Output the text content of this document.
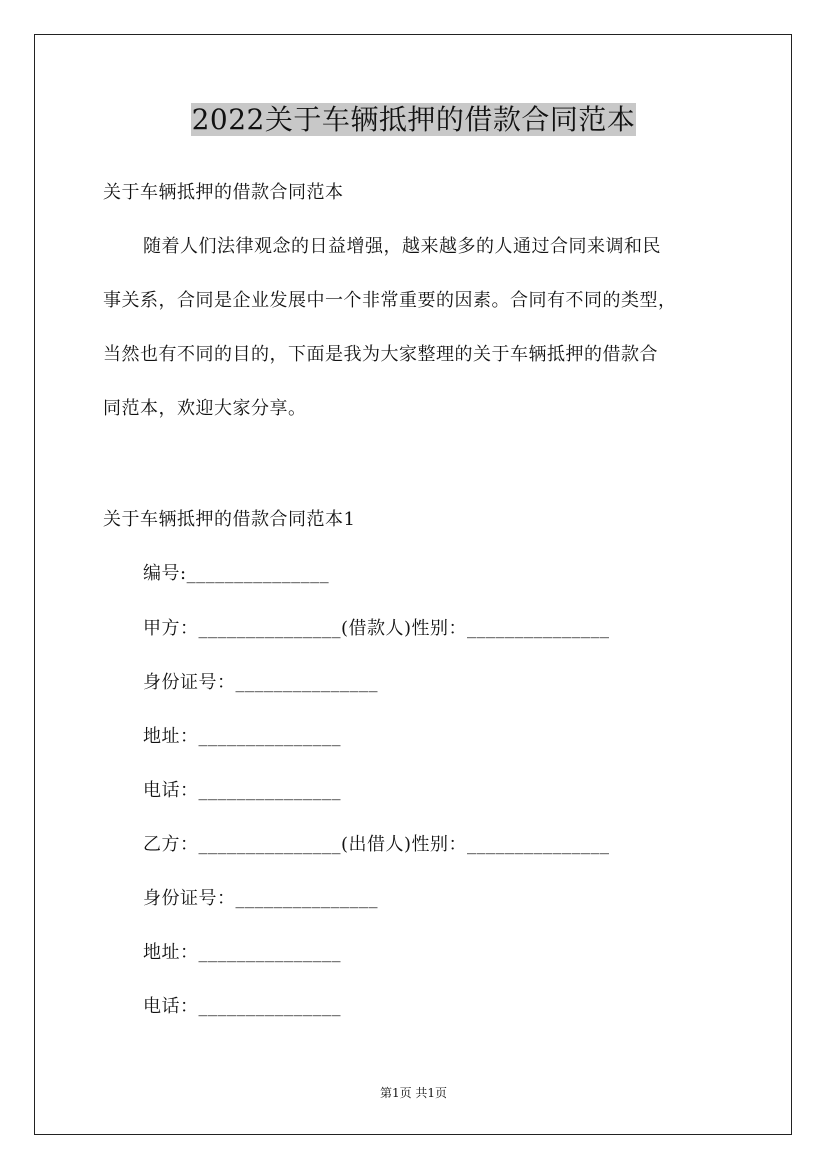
2022关于车辆抵押的借款合同范本
关于车辆抵押的借款合同范本
随着人们法律观念的日益增强，越来越多的人通过合同来调和民
事关系，合同是企业发展中一个非常重要的因素。合同有不同的类型，
当然也有不同的目的，下面是我为大家整理的关于车辆抵押的借款合
同范本，欢迎大家分享。
关于车辆抵押的借款合同范本1
编号:_______________
甲方：_______________(借款人)性别：_______________
身份证号：_______________
地址：_______________
电话：_______________
乙方：_______________(出借人)性别：_______________
身份证号：_______________
地址：_______________
电话：_______________
第1页 共1页
